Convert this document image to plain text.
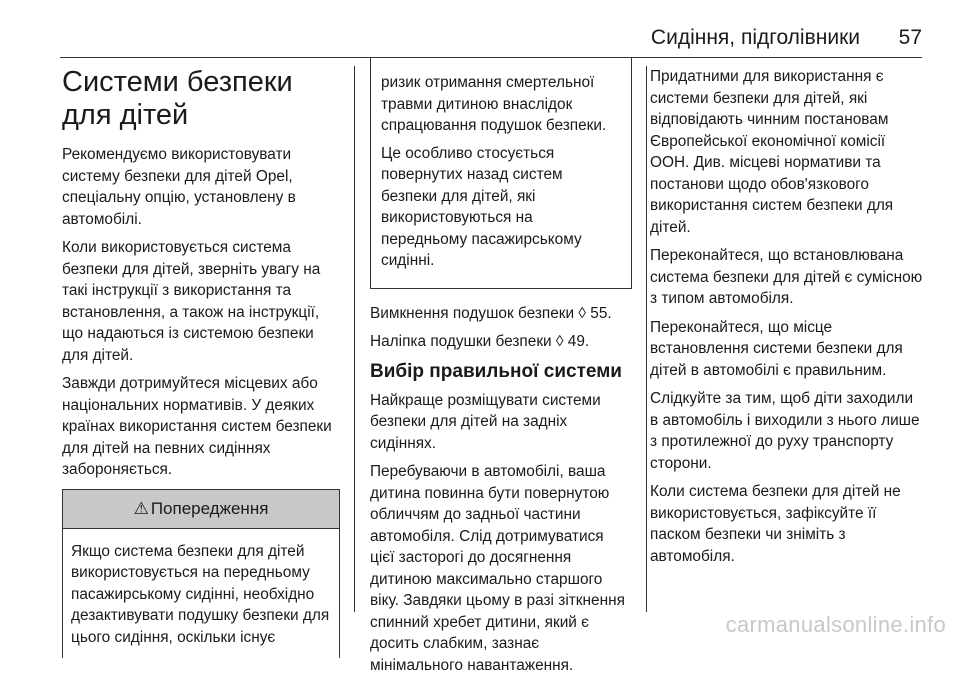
Сидіння, підголівники 57
Системи безпеки для дітей

Рекомендуємо використовувати систему безпеки для дітей Opel, спеціальну опцію, установлену в автомобілі.

Коли використовується система безпеки для дітей, зверніть увагу на такі інструкції з використання та встановлення, а також на інструкції, що надаються із системою безпеки для дітей.

Завжди дотримуйтеся місцевих або національних нормативів. У деяких країнах використання систем безпеки для дітей на певних сидіннях забороняється.

⚠ Попередження
Якщо система безпеки для дітей використовується на передньому пасажирському сидінні, необхідно дезактивувати подушку безпеки для цього сидіння, оскільки існує

ризик отримання смертельної травми дитиною внаслідок спрацювання подушок безпеки.

Це особливо стосується повернутих назад систем безпеки для дітей, які використовуються на передньому пасажирському сидінні.

Вимкнення подушок безпеки ◊ 55.

Наліпка подушки безпеки ◊ 49.

Вибір правильної системи

Найкраще розміщувати системи безпеки для дітей на задніх сидіннях.

Перебуваючи в автомобілі, ваша дитина повинна бути повернутою обличчям до задньої частини автомобіля. Слід дотримуватися цієї засторогі до досягнення дитиною максимально старшого віку. Завдяки цьому в разі зіткнення спинний хребет дитини, який є досить слабким, зазнає мінімального навантаження.

Придатними для використання є системи безпеки для дітей, які відповідають чинним постановам Європейської економічної комісії ООН. Див. місцеві нормативи та постанови щодо обов'язкового використання систем безпеки для дітей.

Переконайтеся, що встановлювана система безпеки для дітей є сумісною з типом автомобіля.

Переконайтеся, що місце встановлення системи безпеки для дітей в автомобілі є правильним.

Слідкуйте за тим, щоб діти заходили в автомобіль і виходили з нього лише з протилежної до руху транспорту сторони.

Коли система безпеки для дітей не використовується, зафіксуйте її паском безпеки чи зніміть з автомобіля.

carmanualsonline.info
